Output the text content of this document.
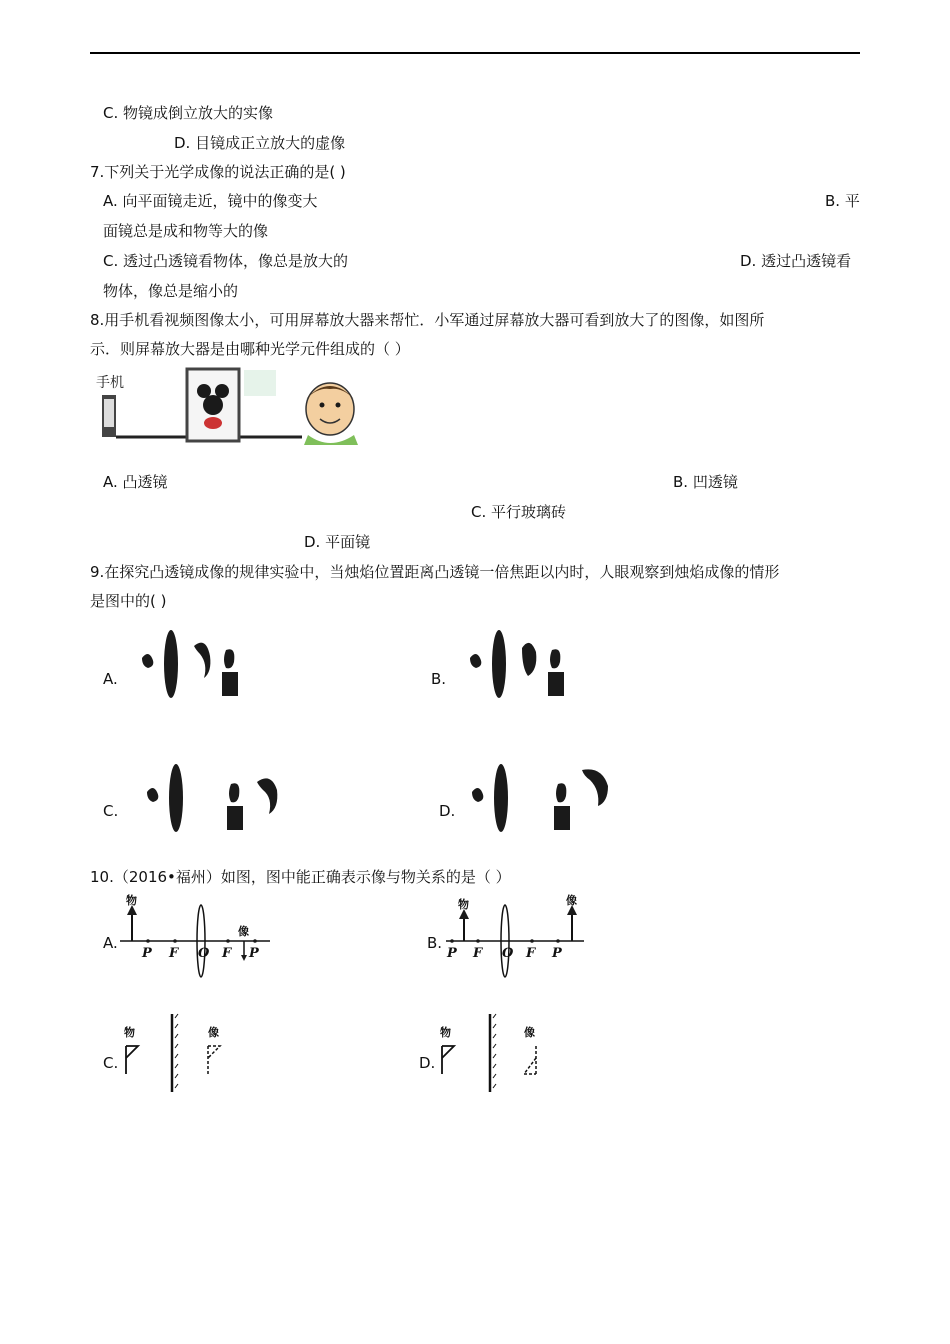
C. 物镜成倒立放大的实像
D. 目镜成正立放大的虚像
7.下列关于光学成像的说法正确的是( )
A. 向平面镜走近，镜中的像变大	B. 平
面镜总是成和物等大的像
C. 透过凸透镜看物体，像总是放大的	D. 透过凸透镜看
物体，像总是缩小的
8.用手机看视频图像太小，可用屏幕放大器来帮忙．小军通过屏幕放大器可看到放大了的图像，如图所
示．则屏幕放大器是由哪种光学元件组成的（ ）
手机
A. 凸透镜	B. 凹透镜
C. 平行玻璃砖
D. 平面镜
9.在探究凸透镜成像的规律实验中，当烛焰位置距离凸透镜一倍焦距以内时，人眼观察到烛焰成像的情形
是图中的( )
A.	B.
C.	D.
10.（2016•福州）如图，图中能正确表示像与物关系的是（ ）
A.
物
像
P F O F P
B.
物	像
P F O F P
C.
物	像
D.
物	像
